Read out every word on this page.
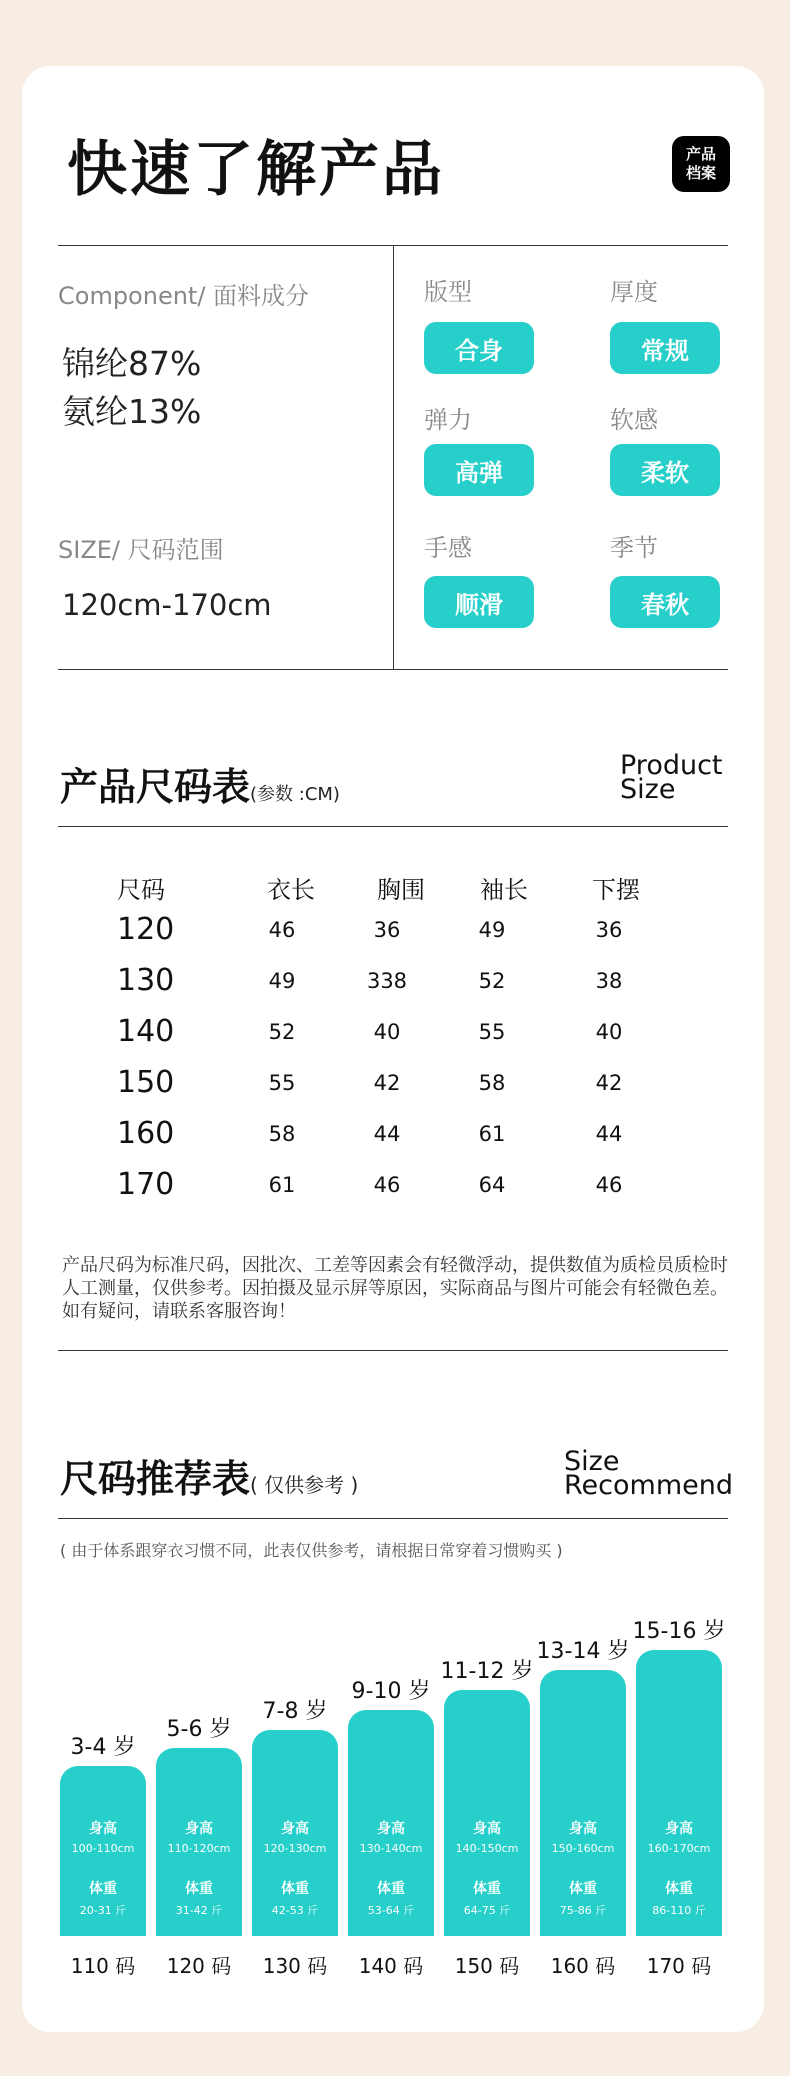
快速了解产品	产品
档案
Component/ 面料成分
锦纶87%
氨纶13%
SIZE/ 尺码范围
120cm-170cm
版型
合身
厚度
常规
弹力
高弹
软感
柔软
手感
顺滑
季节
春秋
产品尺码表(参数 :CM)
Product
Size
尺码	衣长	胸围 袖长	下摆
120	46	36	49	36
130	49	338	52	38
140	52	40	55	40
150	55	42	58	42
160	58	44	61	44
170	61	46	64	46
产品尺码为标准尺码，因批次、工差等因素会有轻微浮动，提供数值为质检员质检时人工测量，仅供参考。因拍摄及显示屏等原因，实际商品与图片可能会有轻微色差。如有疑问，请联系客服咨询！
尺码推荐表( 仅供参考 )
Size
Recommend
( 由于体系跟穿衣习惯不同，此表仅供参考，请根据日常穿着习惯购买 )
3-4 岁
身高
100-110cm
体重
20-31 斤
110 码
5-6 岁
身高
110-120cm
体重
31-42 斤
120 码
7-8 岁
身高
120-130cm
体重
42-53 斤
130 码
9-10 岁
身高
130-140cm
体重
53-64 斤
140 码
11-12 岁
身高
140-150cm
体重
64-75 斤
150 码
13-14 岁
身高
150-160cm
体重
75-86 斤
160 码
15-16 岁
身高
160-170cm
体重
86-110 斤
170 码
